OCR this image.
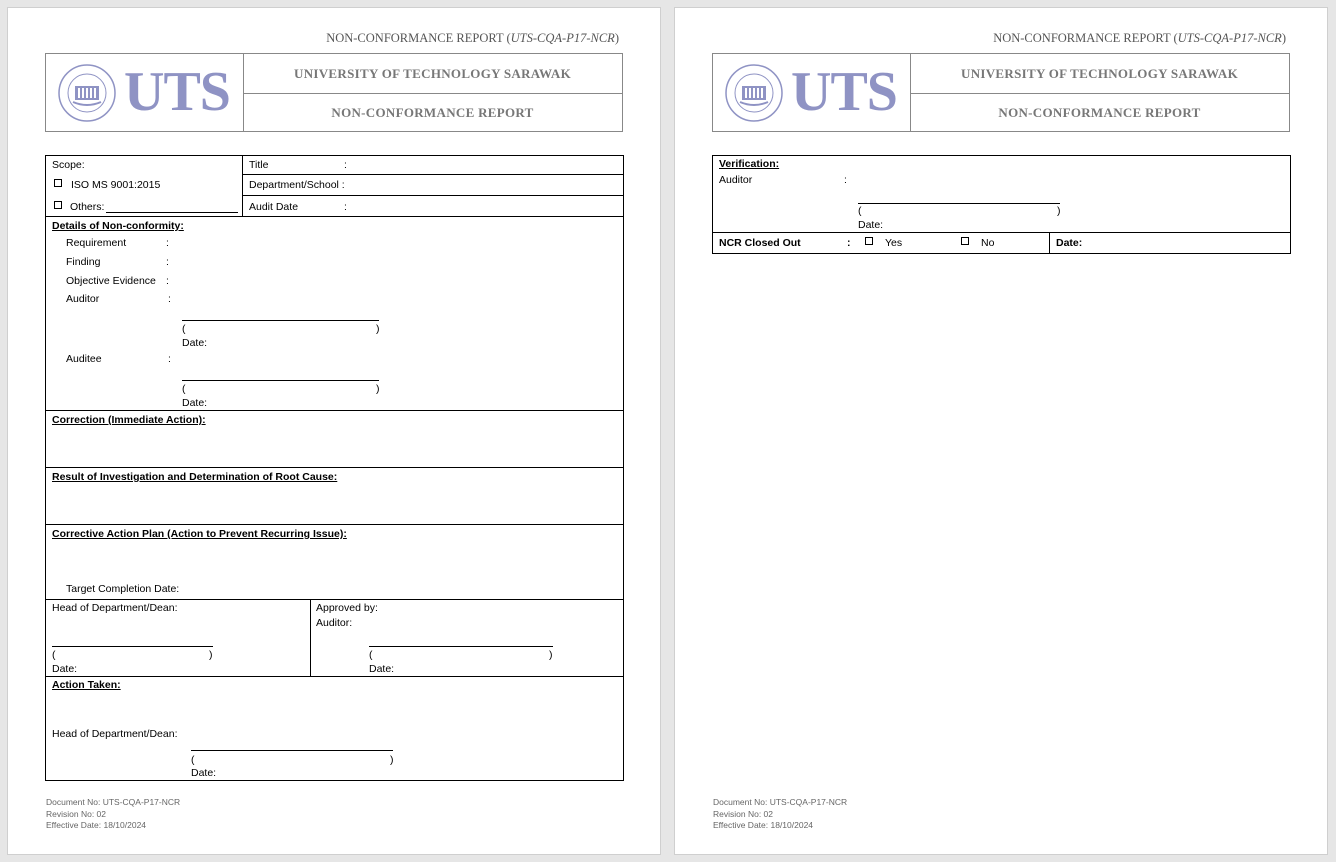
NON-CONFORMANCE REPORT (UTS-CQA-P17-NCR)
UTS	UNIVERSITY OF TECHNOLOGY SARAWAK
NON-CONFORMANCE REPORT
Scope:
ISO MS 9001:2015
Others:
Title	:
Department/School :
Audit Date	:
Details of Non-conformity:
Requirement	:
Finding	:
Objective Evidence :
Auditor	:
(	)
Date:
Auditee	:
(	)
Date:
Correction (Immediate Action):
Result of Investigation and Determination of Root Cause:
Corrective Action Plan (Action to Prevent Recurring Issue):
Target Completion Date:
Head of Department/Dean:
(	)
Date:
Approved by:
Auditor:
(	)
Date:
Action Taken:
Head of Department/Dean:
(	)
Date:
Document No: UTS-CQA-P17-NCR
Revision No: 02
Effective Date: 18/10/2024
NON-CONFORMANCE REPORT (UTS-CQA-P17-NCR)
UTS	UNIVERSITY OF TECHNOLOGY SARAWAK
NON-CONFORMANCE REPORT
Verification:
Auditor	:
(	)
Date:
NCR Closed Out	:	Yes	No	Date:
Document No: UTS-CQA-P17-NCR
Revision No: 02
Effective Date: 18/10/2024
